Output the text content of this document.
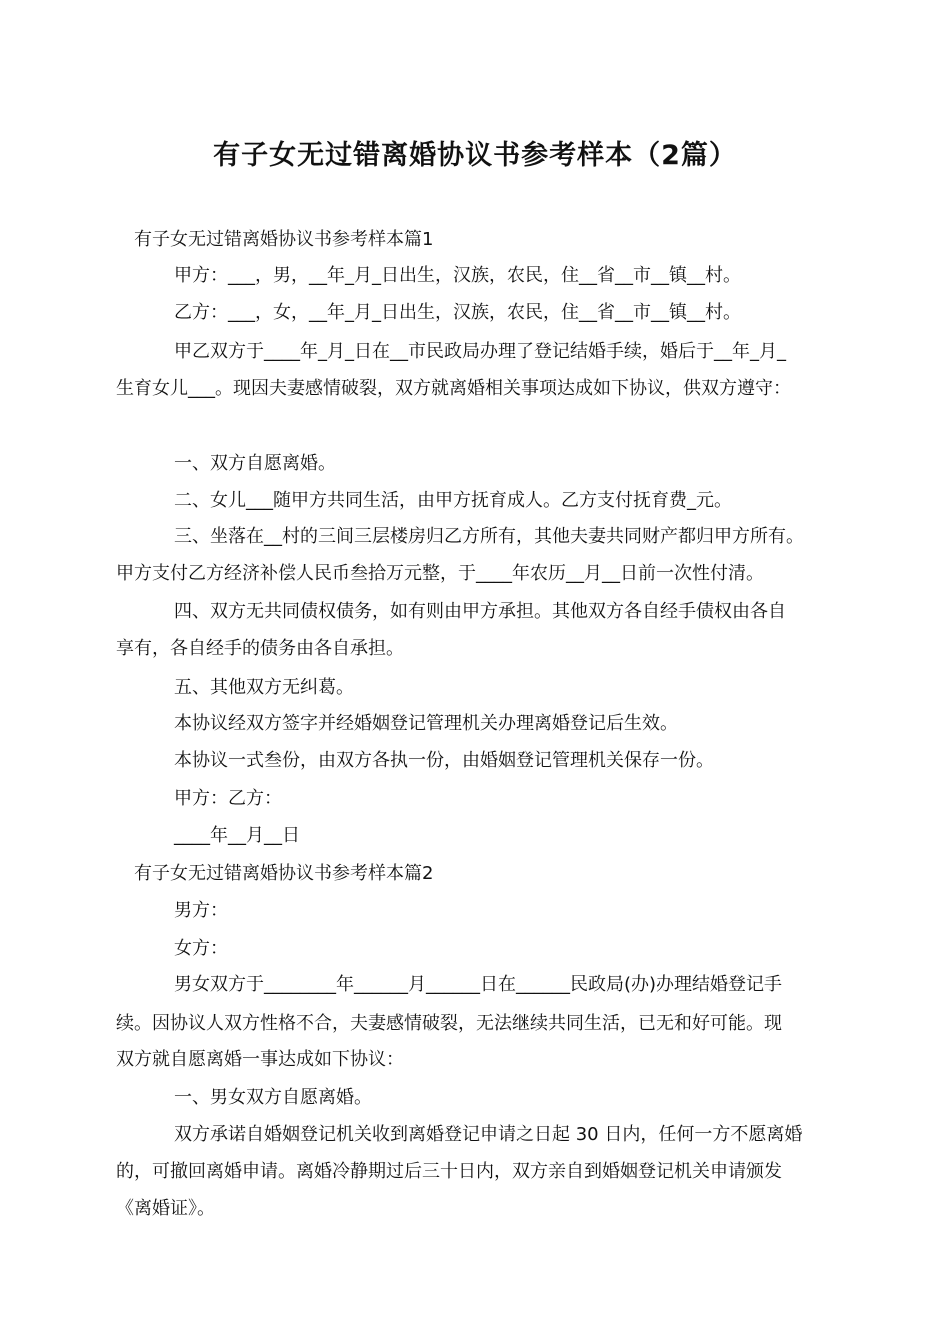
有子女无过错离婚协议书参考样本（2篇）
有子女无过错离婚协议书参考样本篇1
甲方：___，男，__年_月_日出生，汉族，农民，住__省__市__镇__村。
乙方：___，女，__年_月_日出生，汉族，农民，住__省__市__镇__村。
甲乙双方于____年_月_日在__市民政局办理了登记结婚手续，婚后于__年_月_
生育女儿___。现因夫妻感情破裂，双方就离婚相关事项达成如下协议，供双方遵守：
一、双方自愿离婚。
二、女儿___随甲方共同生活，由甲方抚育成人。乙方支付抚育费_元。
三、坐落在__村的三间三层楼房归乙方所有，其他夫妻共同财产都归甲方所有。
甲方支付乙方经济补偿人民币叁拾万元整，于____年农历__月__日前一次性付清。
四、双方无共同债权债务，如有则由甲方承担。其他双方各自经手债权由各自
享有，各自经手的债务由各自承担。
五、其他双方无纠葛。
本协议经双方签字并经婚姻登记管理机关办理离婚登记后生效。
本协议一式叁份，由双方各执一份，由婚姻登记管理机关保存一份。
甲方：乙方：
____年__月__日
有子女无过错离婚协议书参考样本篇2
男方：
女方：
男女双方于________年______月______日在______民政局(办)办理结婚登记手
续。因协议人双方性格不合，夫妻感情破裂，无法继续共同生活，已无和好可能。现
双方就自愿离婚一事达成如下协议：
一、男女双方自愿离婚。
双方承诺自婚姻登记机关收到离婚登记申请之日起 30 日内，任何一方不愿离婚
的，可撤回离婚申请。离婚冷静期过后三十日内，双方亲自到婚姻登记机关申请颁发
《离婚证》。
